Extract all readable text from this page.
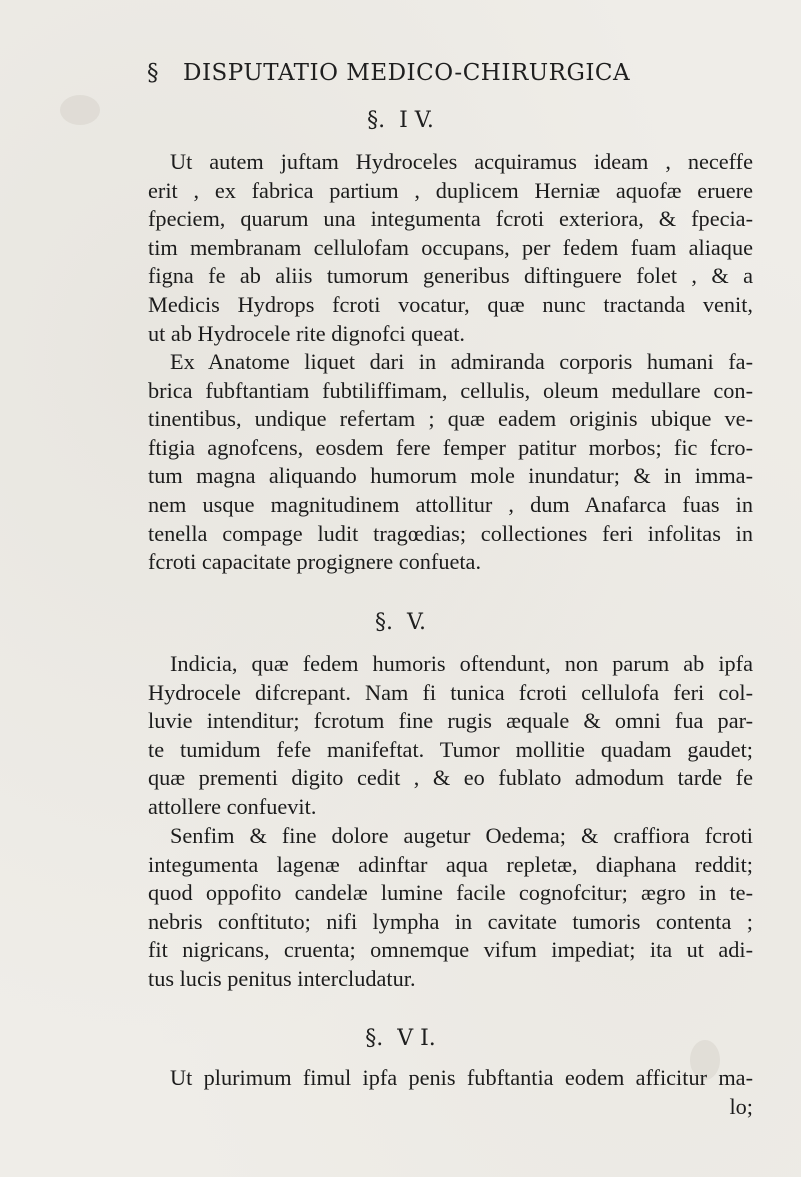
§ DISPUTATIO MEDICO-CHIRURGICA
§.  I V.
Ut autem juftam Hydroceles acquiramus ideam , neceffe
erit , ex fabrica partium , duplicem Herniæ aquofæ eruere
fpeciem, quarum una integumenta fcroti exteriora, & fpecia-
tim membranam cellulofam occupans, per fedem fuam aliaque
figna fe ab aliis tumorum generibus diftinguere folet , & a
Medicis Hydrops fcroti vocatur, quæ nunc tractanda venit,
ut ab Hydrocele rite dignofci queat.
Ex Anatome liquet dari in admiranda corporis humani fa-
brica fubftantiam fubtiliffimam, cellulis, oleum medullare con-
tinentibus, undique refertam ; quæ eadem originis ubique ve-
ftigia agnofcens, eosdem fere femper patitur morbos; fic fcro-
tum magna aliquando humorum mole inundatur; & in imma-
nem usque magnitudinem attollitur , dum Anafarca fuas in
tenella compage ludit tragœdias; collectiones feri infolitas in
fcroti capacitate progignere confueta.
§.  V.
Indicia, quæ fedem humoris oftendunt, non parum ab ipfa
Hydrocele difcrepant. Nam fi tunica fcroti cellulofa feri col-
luvie intenditur; fcrotum fine rugis æquale & omni fua par-
te tumidum fefe manifeftat. Tumor mollitie quadam gaudet;
quæ prementi digito cedit , & eo fublato admodum tarde fe
attollere confuevit.
Senfim & fine dolore augetur Oedema; & craffiora fcroti
integumenta lagenæ adinftar aqua repletæ, diaphana reddit;
quod oppofito candelæ lumine facile cognofcitur; ægro in te-
nebris conftituto; nifi lympha in cavitate tumoris contenta ;
fit nigricans, cruenta; omnemque vifum impediat; ita ut adi-
tus lucis penitus intercludatur.
§.  V I.
Ut plurimum fimul ipfa penis fubftantia eodem afficitur ma-
lo;
